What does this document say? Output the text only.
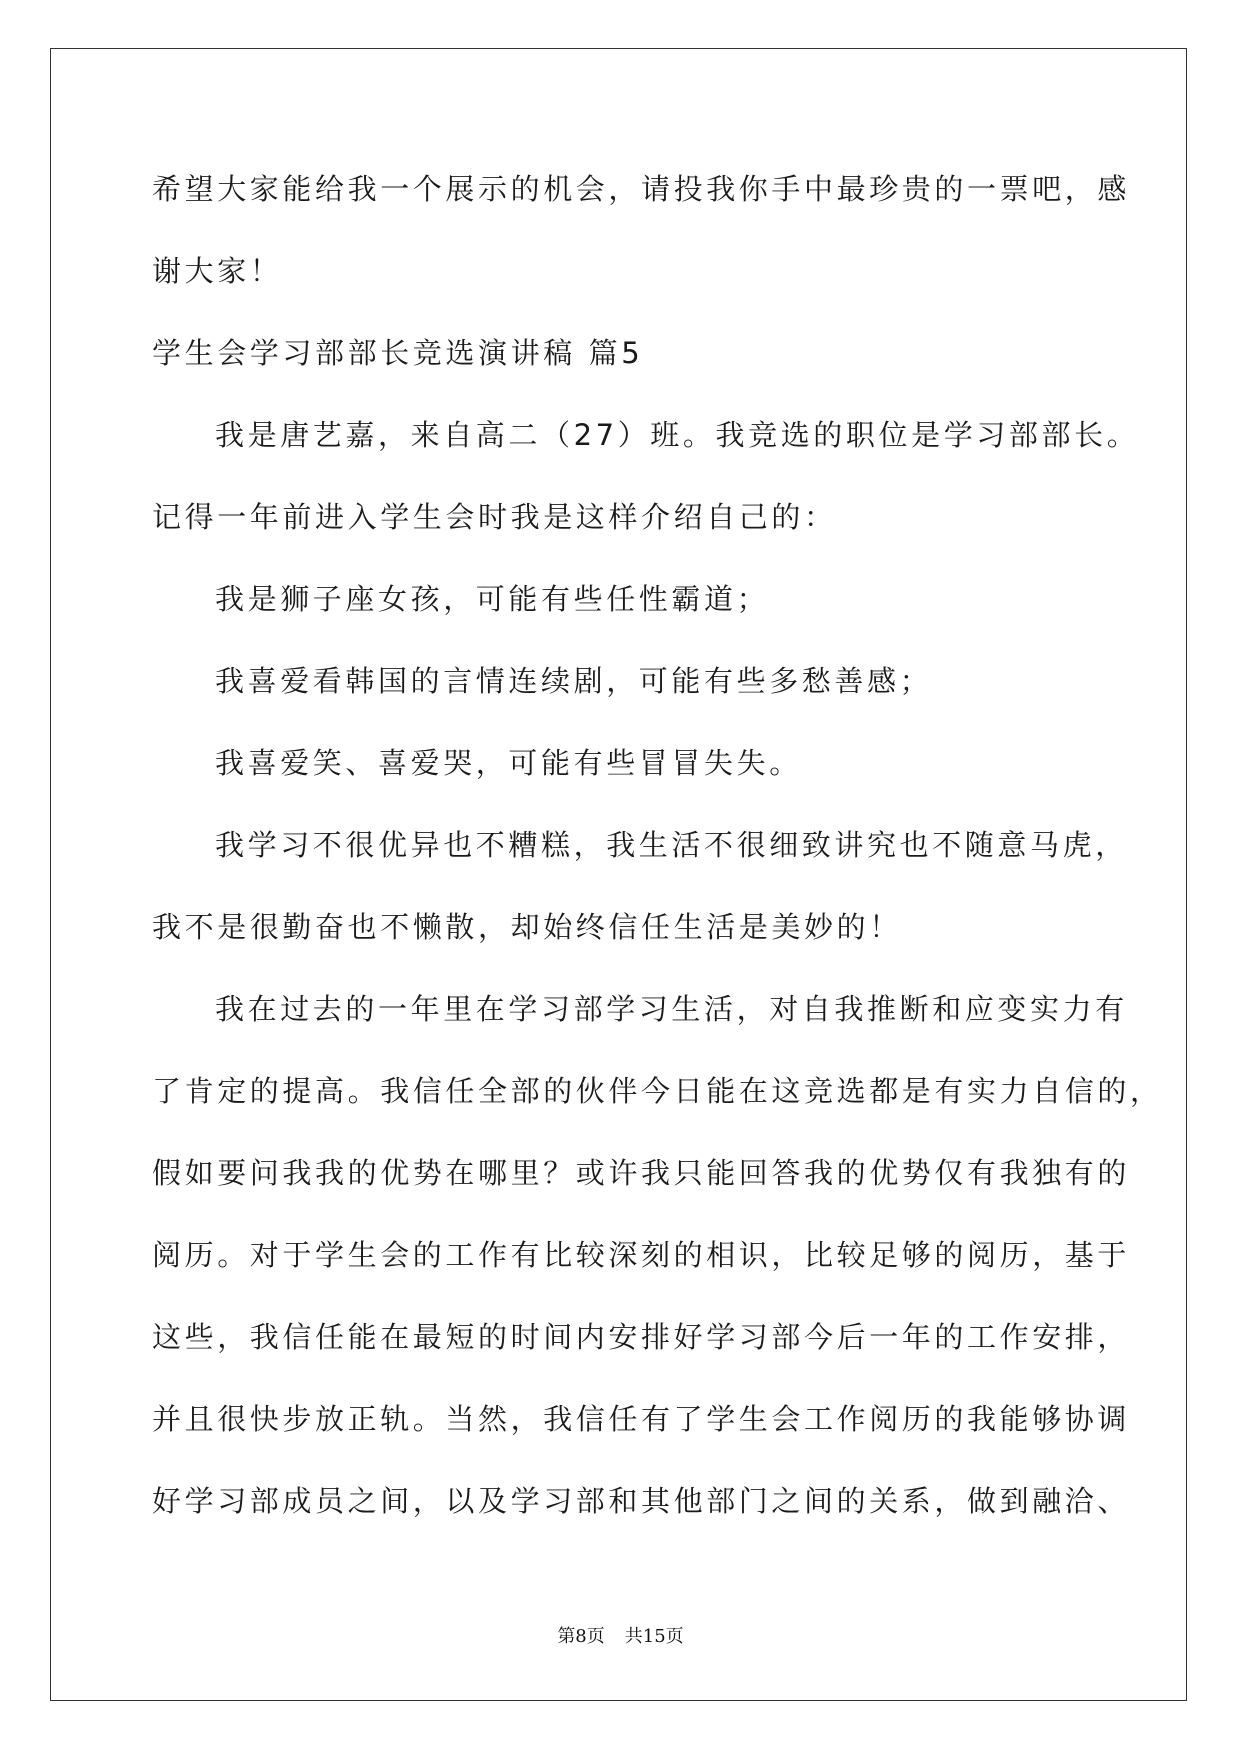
希望大家能给我一个展示的机会，请投我你手中最珍贵的一票吧，感
谢大家！
学生会学习部部长竞选演讲稿 篇5
我是唐艺嘉，来自高二（27）班。我竞选的职位是学习部部长。
记得一年前进入学生会时我是这样介绍自己的：
我是狮子座女孩，可能有些任性霸道；
我喜爱看韩国的言情连续剧，可能有些多愁善感；
我喜爱笑、喜爱哭，可能有些冒冒失失。
我学习不很优异也不糟糕，我生活不很细致讲究也不随意马虎，
我不是很勤奋也不懒散，却始终信任生活是美妙的！
我在过去的一年里在学习部学习生活，对自我推断和应变实力有
了肯定的提高。我信任全部的伙伴今日能在这竞选都是有实力自信的，
假如要问我我的优势在哪里？或许我只能回答我的优势仅有我独有的
阅历。对于学生会的工作有比较深刻的相识，比较足够的阅历，基于
这些，我信任能在最短的时间内安排好学习部今后一年的工作安排，
并且很快步放正轨。当然，我信任有了学生会工作阅历的我能够协调
好学习部成员之间，以及学习部和其他部门之间的关系，做到融洽、
第8页 共15页
